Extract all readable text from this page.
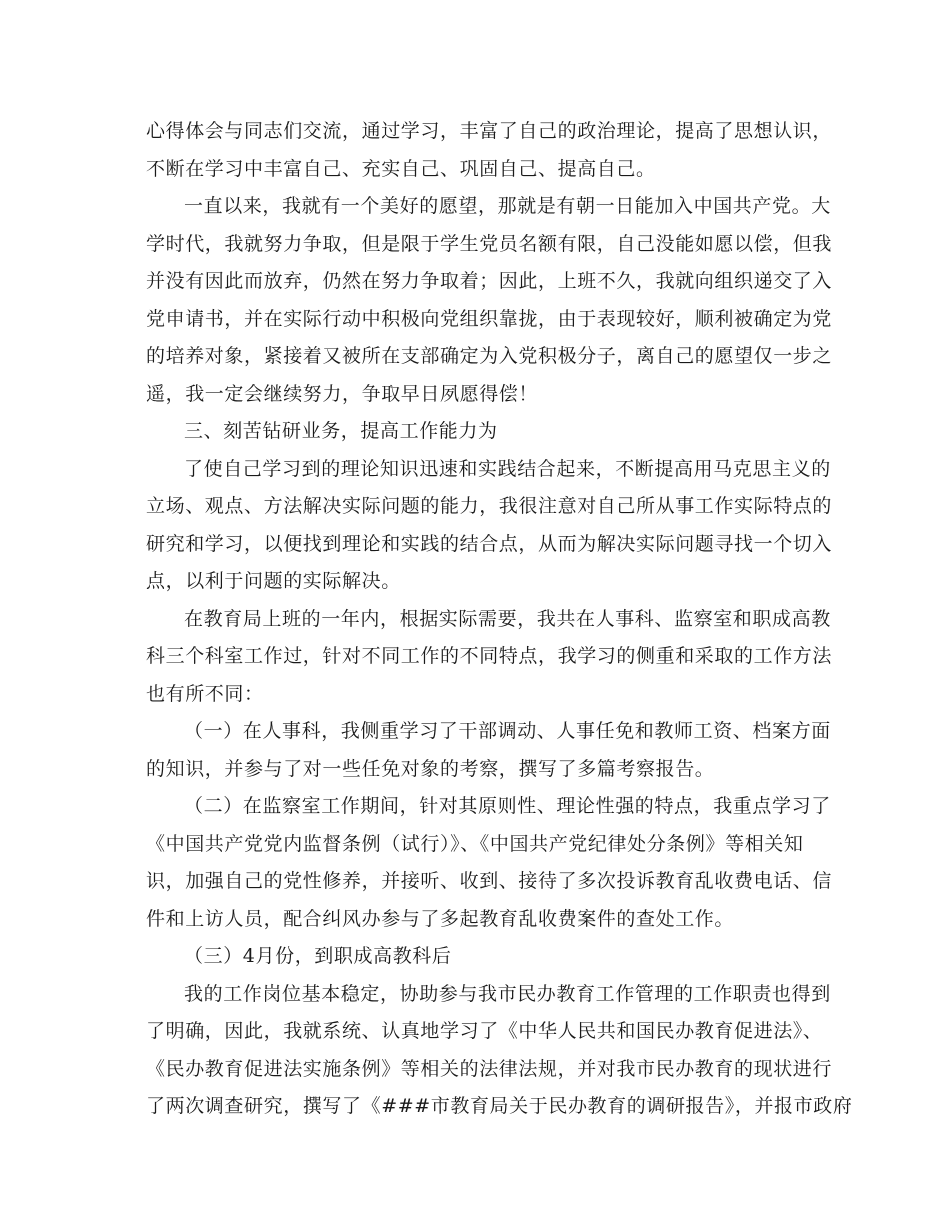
心得体会与同志们交流，通过学习，丰富了自己的政治理论，提高了思想认识，
不断在学习中丰富自己、充实自己、巩固自己、提高自己。
一直以来，我就有一个美好的愿望，那就是有朝一日能加入中国共产党。大
学时代，我就努力争取，但是限于学生党员名额有限，自己没能如愿以偿，但我
并没有因此而放弃，仍然在努力争取着；因此，上班不久，我就向组织递交了入
党申请书，并在实际行动中积极向党组织靠拢，由于表现较好，顺利被确定为党
的培养对象，紧接着又被所在支部确定为入党积极分子，离自己的愿望仅一步之
遥，我一定会继续努力，争取早日夙愿得偿！
三、刻苦钻研业务，提高工作能力为
了使自己学习到的理论知识迅速和实践结合起来，不断提高用马克思主义的
立场、观点、方法解决实际问题的能力，我很注意对自己所从事工作实际特点的
研究和学习，以便找到理论和实践的结合点，从而为解决实际问题寻找一个切入
点，以利于问题的实际解决。
在教育局上班的一年内，根据实际需要，我共在人事科、监察室和职成高教
科三个科室工作过，针对不同工作的不同特点，我学习的侧重和采取的工作方法
也有所不同：
（一）在人事科，我侧重学习了干部调动、人事任免和教师工资、档案方面
的知识，并参与了对一些任免对象的考察，撰写了多篇考察报告。
（二）在监察室工作期间，针对其原则性、理论性强的特点，我重点学习了
《中国共产党党内监督条例（试行）》、《中国共产党纪律处分条例》等相关知
识，加强自己的党性修养，并接听、收到、接待了多次投诉教育乱收费电话、信
件和上访人员，配合纠风办参与了多起教育乱收费案件的查处工作。
（三）4月份，到职成高教科后
我的工作岗位基本稳定，协助参与我市民办教育工作管理的工作职责也得到
了明确，因此，我就系统、认真地学习了《中华人民共和国民办教育促进法》、
《民办教育促进法实施条例》等相关的法律法规，并对我市民办教育的现状进行
了两次调查研究，撰写了《###市教育局关于民办教育的调研报告》，并报市政府
